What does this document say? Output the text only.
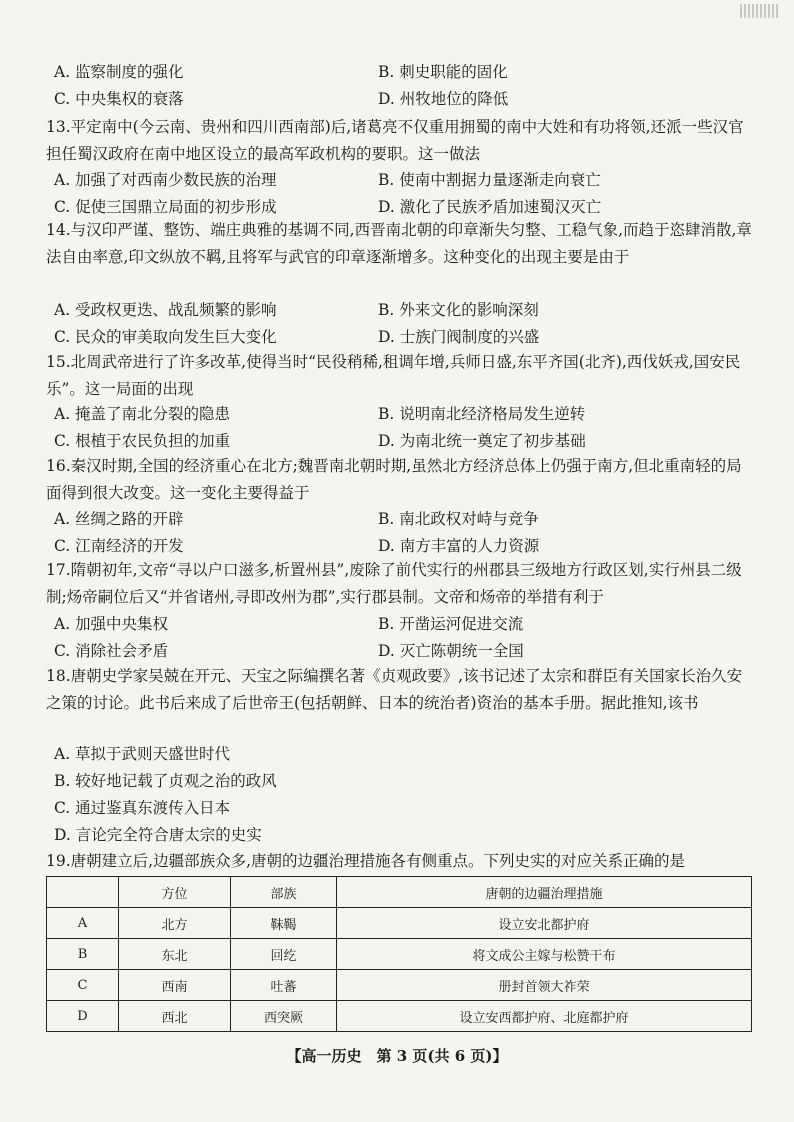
A. 监察制度的强化	B. 刺史职能的固化
C. 中央集权的衰落	D. 州牧地位的降低
13.平定南中(今云南、贵州和四川西南部)后,诸葛亮不仅重用拥蜀的南中大姓和有功将领,还派一些汉官担任蜀汉政府在南中地区设立的最高军政机构的要职。这一做法
A. 加强了对西南少数民族的治理	B. 使南中割据力量逐渐走向衰亡
C. 促使三国鼎立局面的初步形成	D. 激化了民族矛盾加速蜀汉灭亡
14.与汉印严谨、整饬、端庄典雅的基调不同,西晋南北朝的印章渐失匀整、工稳气象,而趋于恣肆消散,章法自由率意,印文纵放不羁,且将军与武官的印章逐渐增多。这种变化的出现主要是由于
A. 受政权更迭、战乱频繁的影响	B. 外来文化的影响深刻
C. 民众的审美取向发生巨大变化	D. 士族门阀制度的兴盛
15.北周武帝进行了许多改革,使得当时“民役稍稀,租调年增,兵师日盛,东平齐国(北齐),西伐妖戎,国安民乐”。这一局面的出现
A. 掩盖了南北分裂的隐患	B. 说明南北经济格局发生逆转
C. 根植于农民负担的加重	D. 为南北统一奠定了初步基础
16.秦汉时期,全国的经济重心在北方;魏晋南北朝时期,虽然北方经济总体上仍强于南方,但北重南轻的局面得到很大改变。这一变化主要得益于
A. 丝绸之路的开辟	B. 南北政权对峙与竞争
C. 江南经济的开发	D. 南方丰富的人力资源
17.隋朝初年,文帝“寻以户口滋多,析置州县”,废除了前代实行的州郡县三级地方行政区划,实行州县二级制;炀帝嗣位后又“并省诸州,寻即改州为郡”,实行郡县制。文帝和炀帝的举措有利于
A. 加强中央集权	B. 开凿运河促进交流
C. 消除社会矛盾	D. 灭亡陈朝统一全国
18.唐朝史学家吴兢在开元、天宝之际编撰名著《贞观政要》,该书记述了太宗和群臣有关国家长治久安之策的讨论。此书后来成了后世帝王(包括朝鲜、日本的统治者)资治的基本手册。据此推知,该书
A. 草拟于武则天盛世时代
B. 较好地记载了贞观之治的政风
C. 通过鉴真东渡传入日本
D. 言论完全符合唐太宗的史实
19.唐朝建立后,边疆部族众多,唐朝的边疆治理措施各有侧重点。下列史实的对应关系正确的是
	方位	部族	唐朝的边疆治理措施
A	北方	靺鞨	设立安北都护府
B	东北	回纥	将文成公主嫁与松赞干布
C	西南	吐蕃	册封首领大祚荣
D	西北	西突厥	设立安西都护府、北庭都护府
【高一历史　第 3 页(共 6 页)】
